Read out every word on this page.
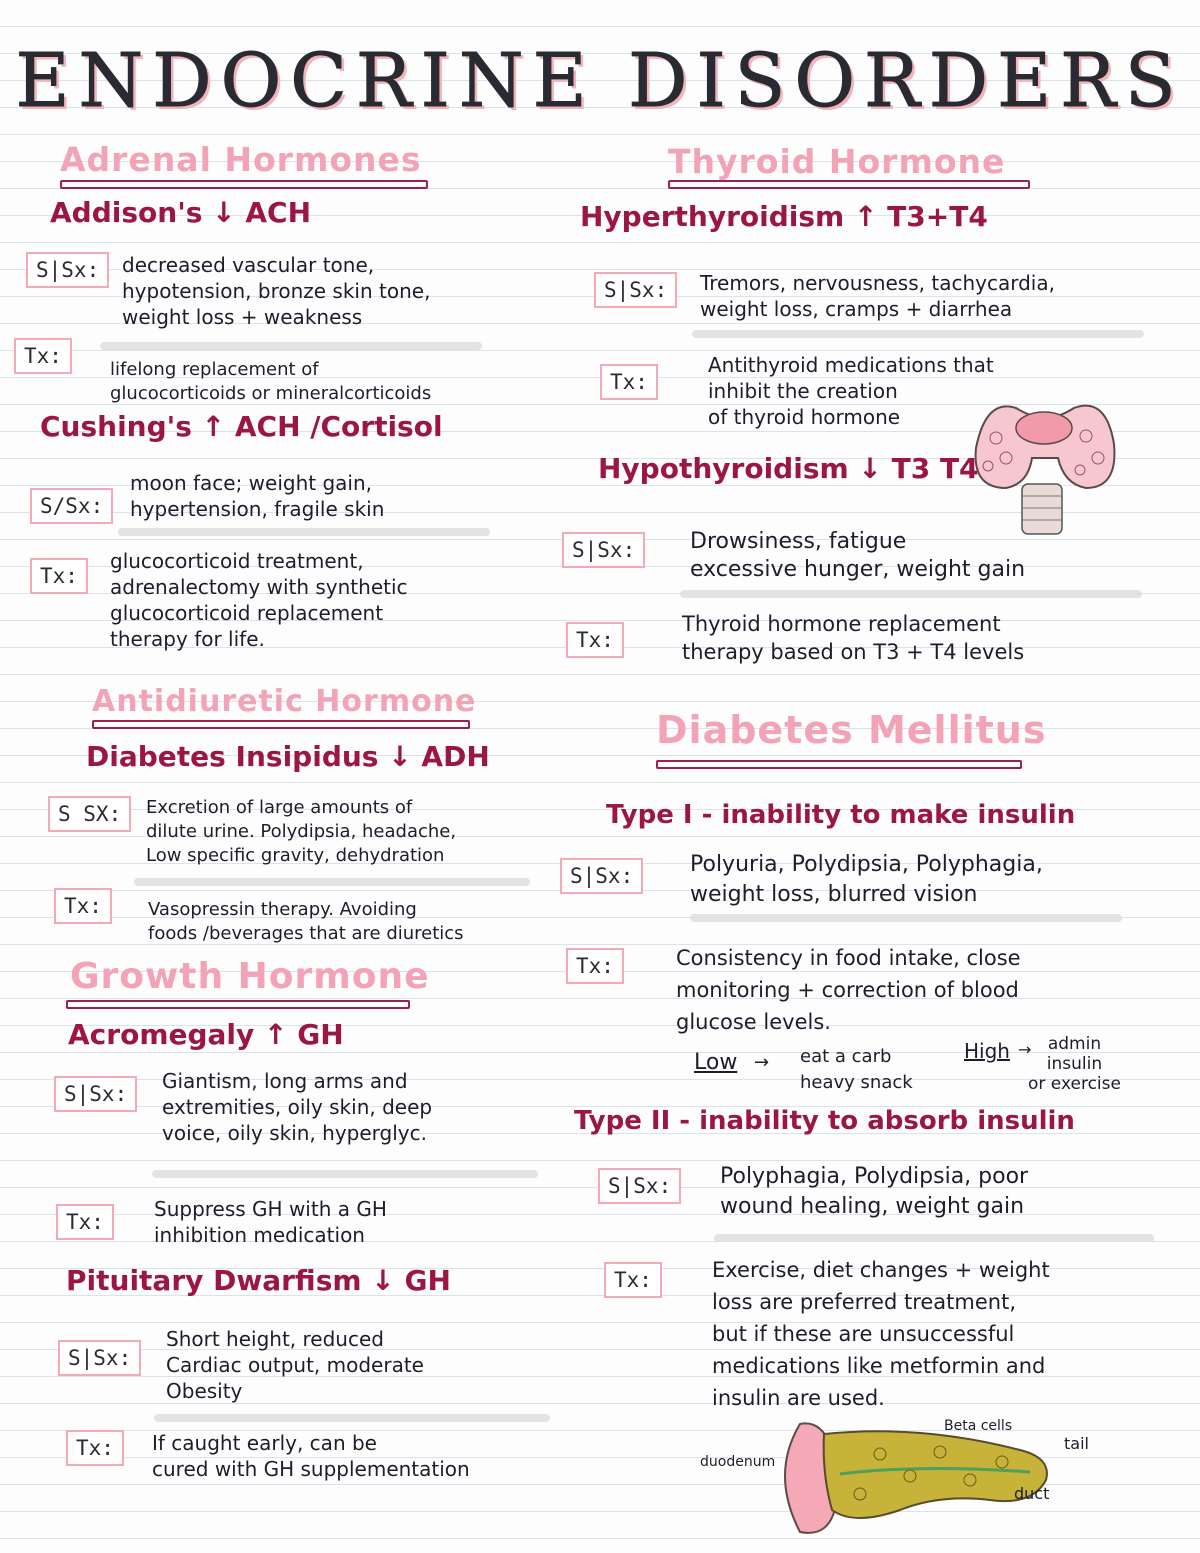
ENDOCRINE DISORDERS
Adrenal Hormones
Addison's ↓ ACH
S|Sx:	decreased vascular tone,
hypotension, bronze skin tone,
weight loss + weakness
Tx:
lifelong replacement of
glucocorticoids or mineralcorticoids
Cushing's ↑ ACH /Cortisol
S/Sx:
moon face; weight gain,
hypertension, fragile skin
Tx:
glucocorticoid treatment,
adrenalectomy with synthetic
glucocorticoid replacement
therapy for life.
Antidiuretic Hormone
Diabetes Insipidus ↓ ADH
S SX:	Excretion of large amounts of
dilute urine. Polydipsia, headache,
Low specific gravity, dehydration
Tx:	Vasopressin therapy. Avoiding
foods /beverages that are diuretics
Growth Hormone
Acromegaly ↑ GH
S|Sx:
Giantism, long arms and
extremities, oily skin, deep
voice, oily skin, hyperglyc.
Tx:
Suppress GH with a GH
inhibition medication
Pituitary Dwarfism ↓ GH
S|Sx:
Short height, reduced
Cardiac output, moderate
Obesity
Tx:	If caught early, can be
cured with GH supplementation
Thyroid Hormone
Hyperthyroidism ↑ T3+T4
S|Sx:	Tremors, nervousness, tachycardia,
weight loss, cramps + diarrhea
Tx:
Antithyroid medications that
inhibit the creation
of thyroid hormone
Hypothyroidism ↓ T3 T4
S|Sx:	Drowsiness, fatigue
excessive hunger, weight gain
Tx:
Thyroid hormone replacement
therapy based on T3 + T4 levels
Diabetes Mellitus
Type I - inability to make insulin
S|Sx:	Polyuria, Polydipsia, Polyphagia,
weight loss, blurred vision
Tx:	Consistency in food intake, close
monitoring + correction of blood
glucose levels.
Low → eat a carb
heavy snack
High → admin
insulin
or exercise
Type II - inability to absorb insulin
S|Sx:	Polyphagia, Polydipsia, poor
wound healing, weight gain
Tx:	Exercise, diet changes + weight
loss are preferred treatment,
but if these are unsuccessful
medications like metformin and
insulin are used.
Beta cells
tail
duodenum
duct
